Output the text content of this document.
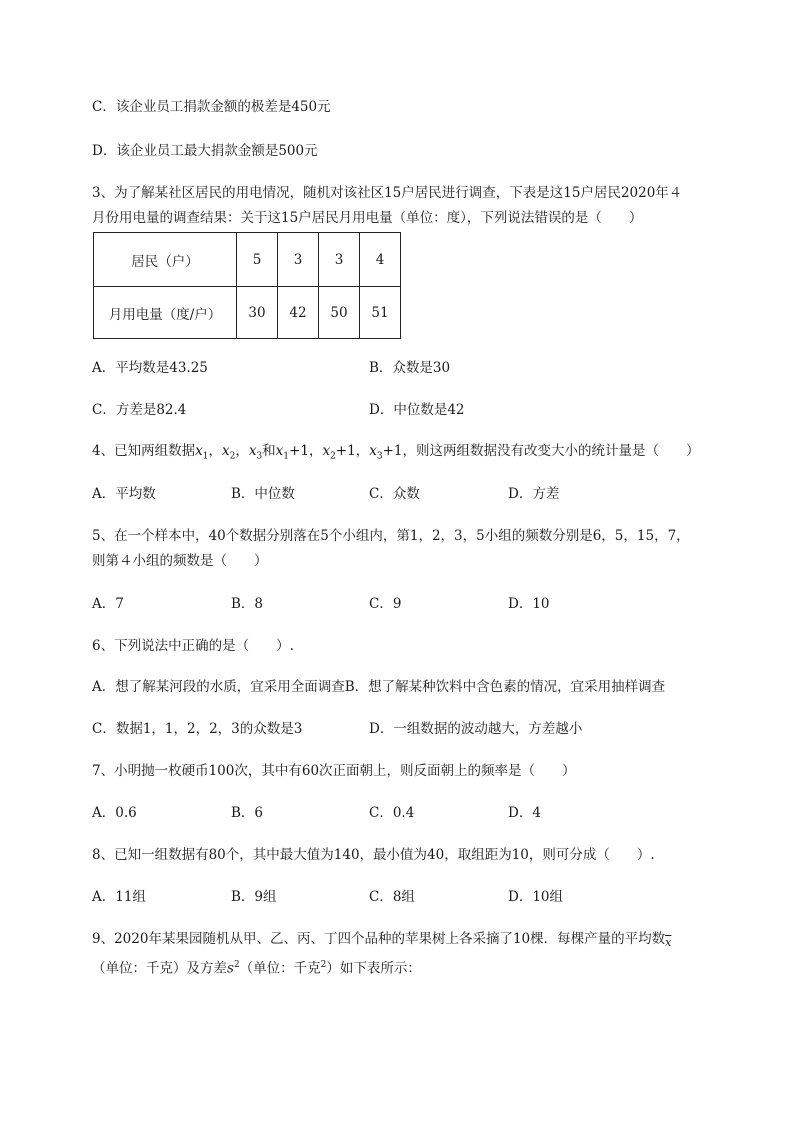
C．该企业员工捐款金额的极差是450元
D．该企业员工最大捐款金额是500元
3、为了解某社区居民的用电情况，随机对该社区15户居民进行调查，下表是这15户居民2020年４
月份用电量的调查结果：关于这15户居民月用电量（单位：度），下列说法错误的是（　　）
居民（户）	5	3	3	4
月用电量（度/户）	30	42	50	51
A．平均数是43.25	B．众数是30
C．方差是82.4	D．中位数是42
4、已知两组数据$x_1$，$x_2$，$x_3$和$x_1+1$，$x_2+1$，$x_3+1$，则这两组数据没有改变大小的统计量是（　　）
A．平均数	B．中位数	C．众数	D．方差
5、在一个样本中，40个数据分别落在5个小组内，第1，2，3，5小组的频数分别是6，5，15，7，
则第４小组的频数是（　　）
A．7	B．8	C．9	D．10
6、下列说法中正确的是（　　）.
A．想了解某河段的水质，宜采用全面调查B．想了解某种饮料中含色素的情况，宜采用抽样调查
C．数据1，1，2，2，3的众数是3	D．一组数据的波动越大，方差越小
7、小明抛一枚硬币100次，其中有60次正面朝上，则反面朝上的频率是（　　）
A．0.6	B．6	C．0.4	D．4
8、已知一组数据有80个，其中最大值为140，最小值为40，取组距为10，则可分成（　　）.
A．11组	B．9组	C．8组	D．10组
9、2020年某果园随机从甲、乙、丙、丁四个品种的苹果树上各采摘了10棵．每棵产量的平均数$\overline{x}$
（单位：千克）及方差$s^2$（单位：千克$^2$）如下表所示：
